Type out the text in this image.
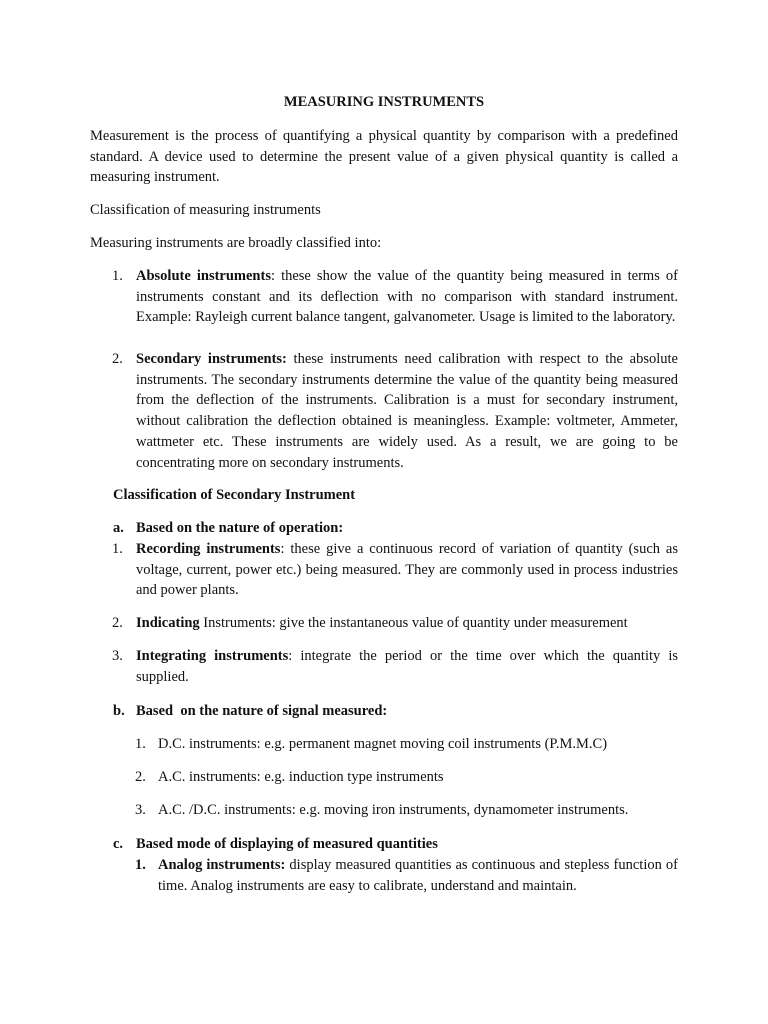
MEASURING INSTRUMENTS

Measurement is the process of quantifying a physical quantity by comparison with a predefined standard. A device used to determine the present value of a given physical quantity is called a measuring instrument.

Classification of measuring instruments

Measuring instruments are broadly classified into:

1. Absolute instruments: these show the value of the quantity being measured in terms of instruments constant and its deflection with no comparison with standard instrument. Example: Rayleigh current balance tangent, galvanometer. Usage is limited to the laboratory.
2. Secondary instruments: these instruments need calibration with respect to the absolute instruments. The secondary instruments determine the value of the quantity being measured from the deflection of the instruments. Calibration is a must for secondary instrument, without calibration the deflection obtained is meaningless. Example: voltmeter, Ammeter, wattmeter etc. These instruments are widely used. As a result, we are going to be concentrating more on secondary instruments.

Classification of Secondary Instrument

a. Based on the nature of operation:
1. Recording instruments: these give a continuous record of variation of quantity (such as voltage, current, power etc.) being measured. They are commonly used in process industries and power plants.
2. Indicating Instruments: give the instantaneous value of quantity under measurement
3. Integrating instruments: integrate the period or the time over which the quantity is supplied.
b. Based  on the nature of signal measured:
1. D.C. instruments: e.g. permanent magnet moving coil instruments (P.M.M.C)
2. A.C. instruments: e.g. induction type instruments
3. A.C. /D.C. instruments: e.g. moving iron instruments, dynamometer instruments.
c. Based mode of displaying of measured quantities
1. Analog instruments: display measured quantities as continuous and stepless function of time. Analog instruments are easy to calibrate, understand and maintain.
